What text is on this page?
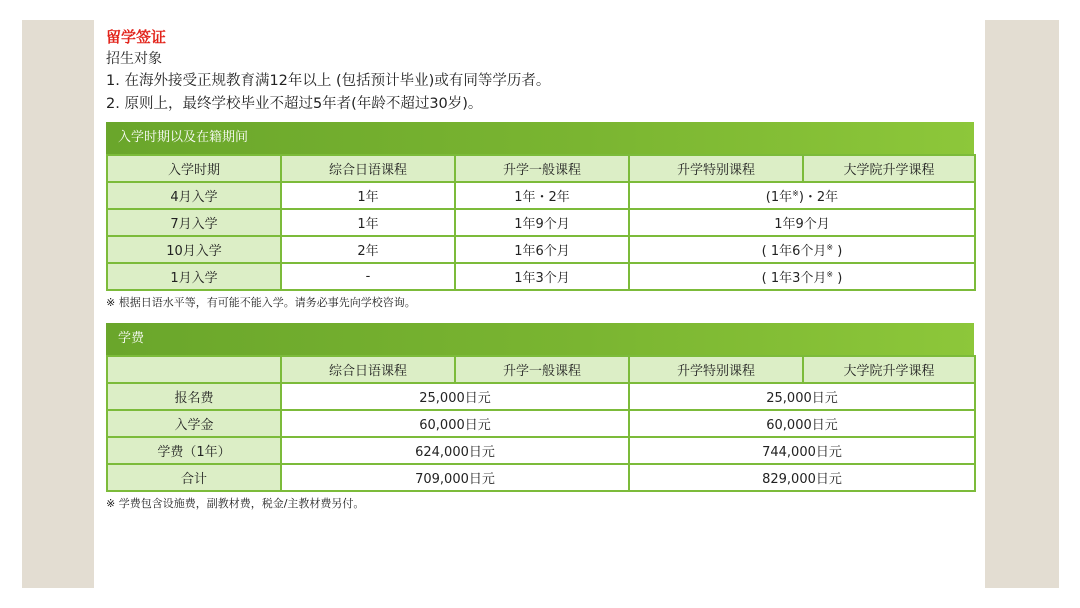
留学签证
招生对象
1. 在海外接受正规教育满12年以上 (包括预计毕业)或有同等学历者。
2. 原则上，最终学校毕业不超过5年者(年龄不超过30岁)。
入学时期以及在籍期间
入学时期	综合日语课程	升学一般课程	升学特别课程	大学院升学课程
4月入学	1年	1年・2年	(1年※)・2年	
7月入学	1年	1年9个月	1年9个月	
10月入学	2年	1年6个月	( 1年6个月※ )	
1月入学	-	1年3个月	( 1年3个月※ )	
※ 根据日语水平等，有可能不能入学。请务必事先向学校咨询。
学费
	综合日语课程	升学一般课程	升学特别课程	大学院升学课程
报名费	25,000日元		25,000日元	
入学金	60,000日元		60,000日元	
学费（1年）	624,000日元		744,000日元	
合计	709,000日元		829,000日元	
※ 学费包含设施费，副教材费，税金/主教材费另付。
